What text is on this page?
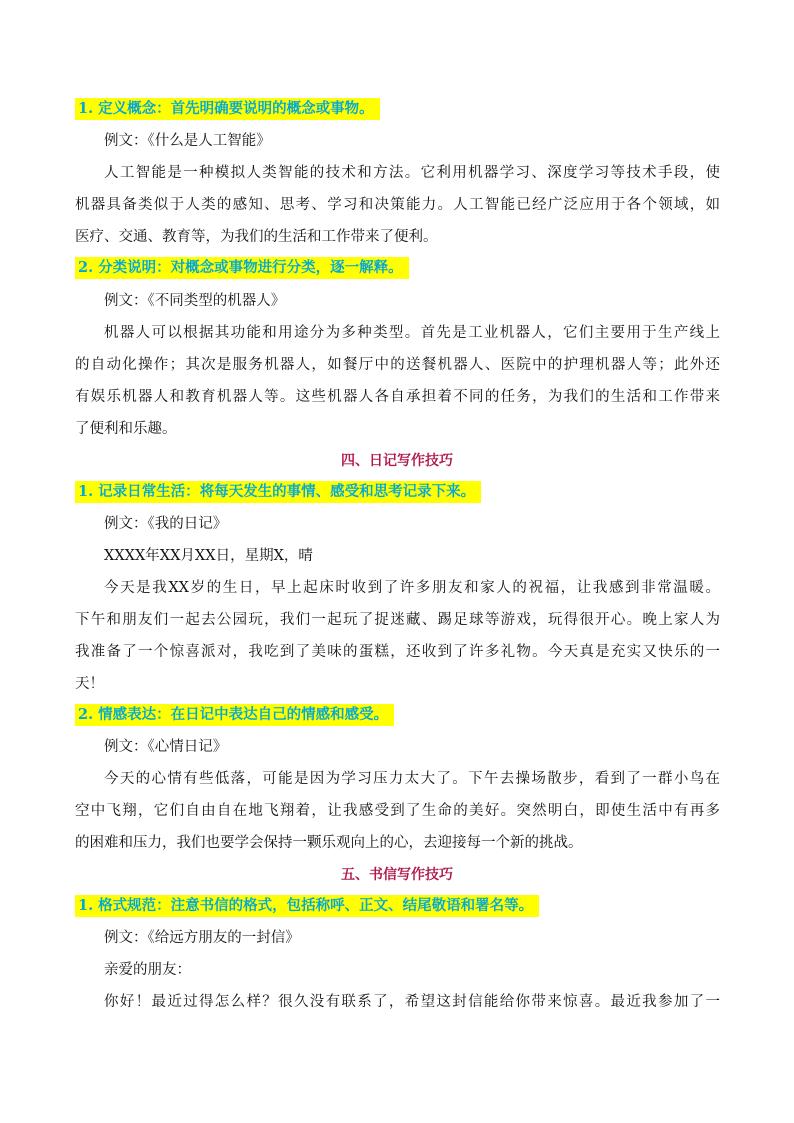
1. 定义概念：首先明确要说明的概念或事物。
例文：《什么是人工智能》
人工智能是一种模拟人类智能的技术和方法。它利用机器学习、深度学习等技术手段，使
机器具备类似于人类的感知、思考、学习和决策能力。人工智能已经广泛应用于各个领域，如
医疗、交通、教育等，为我们的生活和工作带来了便利。
2. 分类说明：对概念或事物进行分类，逐一解释。
例文：《不同类型的机器人》
机器人可以根据其功能和用途分为多种类型。首先是工业机器人，它们主要用于生产线上
的自动化操作；其次是服务机器人，如餐厅中的送餐机器人、医院中的护理机器人等；此外还
有娱乐机器人和教育机器人等。这些机器人各自承担着不同的任务，为我们的生活和工作带来
了便利和乐趣。
四、日记写作技巧
1. 记录日常生活：将每天发生的事情、感受和思考记录下来。
例文：《我的日记》
XXXX年XX月XX日，星期X，晴
今天是我XX岁的生日，早上起床时收到了许多朋友和家人的祝福，让我感到非常温暖。
下午和朋友们一起去公园玩，我们一起玩了捉迷藏、踢足球等游戏，玩得很开心。晚上家人为
我准备了一个惊喜派对，我吃到了美味的蛋糕，还收到了许多礼物。今天真是充实又快乐的一
天！
2. 情感表达：在日记中表达自己的情感和感受。
例文：《心情日记》
今天的心情有些低落，可能是因为学习压力太大了。下午去操场散步，看到了一群小鸟在
空中飞翔，它们自由自在地飞翔着，让我感受到了生命的美好。突然明白，即使生活中有再多
的困难和压力，我们也要学会保持一颗乐观向上的心，去迎接每一个新的挑战。
五、书信写作技巧
1. 格式规范：注意书信的格式，包括称呼、正文、结尾敬语和署名等。
例文：《给远方朋友的一封信》
亲爱的朋友：
你好！最近过得怎么样？很久没有联系了，希望这封信能给你带来惊喜。最近我参加了一
